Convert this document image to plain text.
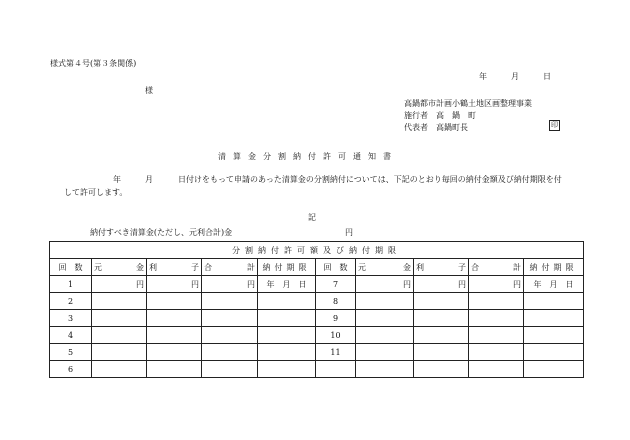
様式第４号(第３条関係)
年	月	日
様
高鍋都市計画小鶴土地区画整理事業
施行者 高　鍋　町
代表者 高鍋町長	印
清算金分割納付許可通知書
年	月	日付けをもって申請のあった清算金の分割納付については、下記のとおり毎回の納付金額及び納付期限を付
して許可します。
記
納付すべき清算金(ただし、元利合計)金	円
分割納付許可額及び納付期限									
回　数	元 金	利 子	合 計	納付期限	回　数	元 金	利 子	合 計	納付期限
1	円	円	円	年　 月　 日	7	円	円	円	年　 月　 日
2					8				
3					9				
4					10				
5					11				
6									
